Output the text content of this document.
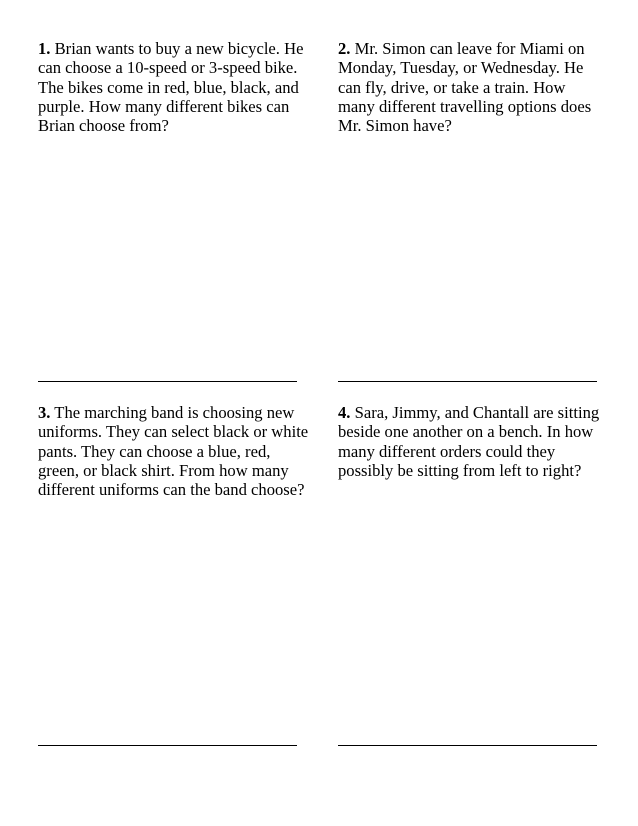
1. Brian wants to buy a new bicycle. He can choose a 10-speed or 3-speed bike. The bikes come in red, blue, black, and purple. How many different bikes can Brian choose from?

2. Mr. Simon can leave for Miami on Monday, Tuesday, or Wednesday. He can fly, drive, or take a train. How many different travelling options does Mr. Simon have?

3. The marching band is choosing new uniforms. They can select black or white pants. They can choose a blue, red, green, or black shirt. From how many different uniforms can the band choose?

4. Sara, Jimmy, and Chantall are sitting beside one another on a bench. In how many different orders could they possibly be sitting from left to right?
